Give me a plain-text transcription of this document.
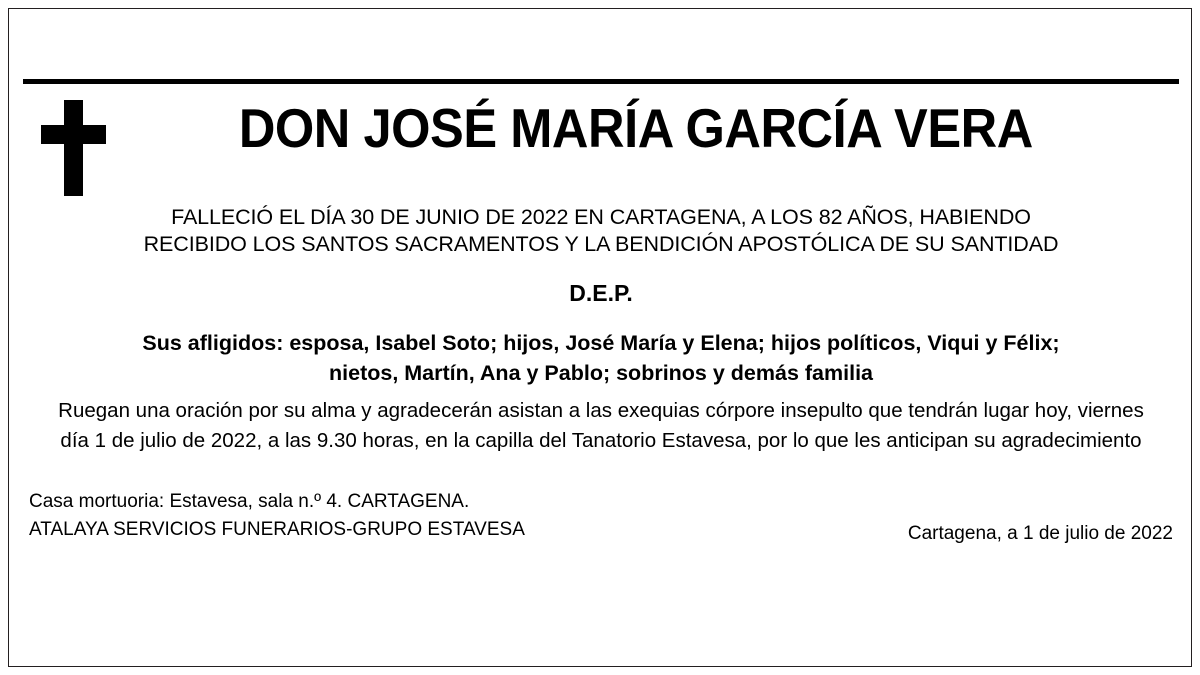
DON JOSÉ MARÍA GARCÍA VERA
FALLECIÓ EL DÍA 30 DE JUNIO DE 2022 EN CARTAGENA, A LOS 82 AÑOS, HABIENDO
RECIBIDO LOS SANTOS SACRAMENTOS Y LA BENDICIÓN APOSTÓLICA DE SU SANTIDAD
D.E.P.
Sus afligidos: esposa, Isabel Soto; hijos, José María y Elena; hijos políticos, Viqui y Félix;
nietos, Martín, Ana y Pablo; sobrinos y demás familia
Ruegan una oración por su alma y agradecerán asistan a las exequias córpore insepulto que tendrán lugar hoy, viernes
día 1 de julio de 2022, a las 9.30 horas, en la capilla del Tanatorio Estavesa, por lo que les anticipan su agradecimiento
Casa mortuoria: Estavesa, sala n.º 4. CARTAGENA.
ATALAYA SERVICIOS FUNERARIOS-GRUPO ESTAVESA	Cartagena, a 1 de julio de 2022
